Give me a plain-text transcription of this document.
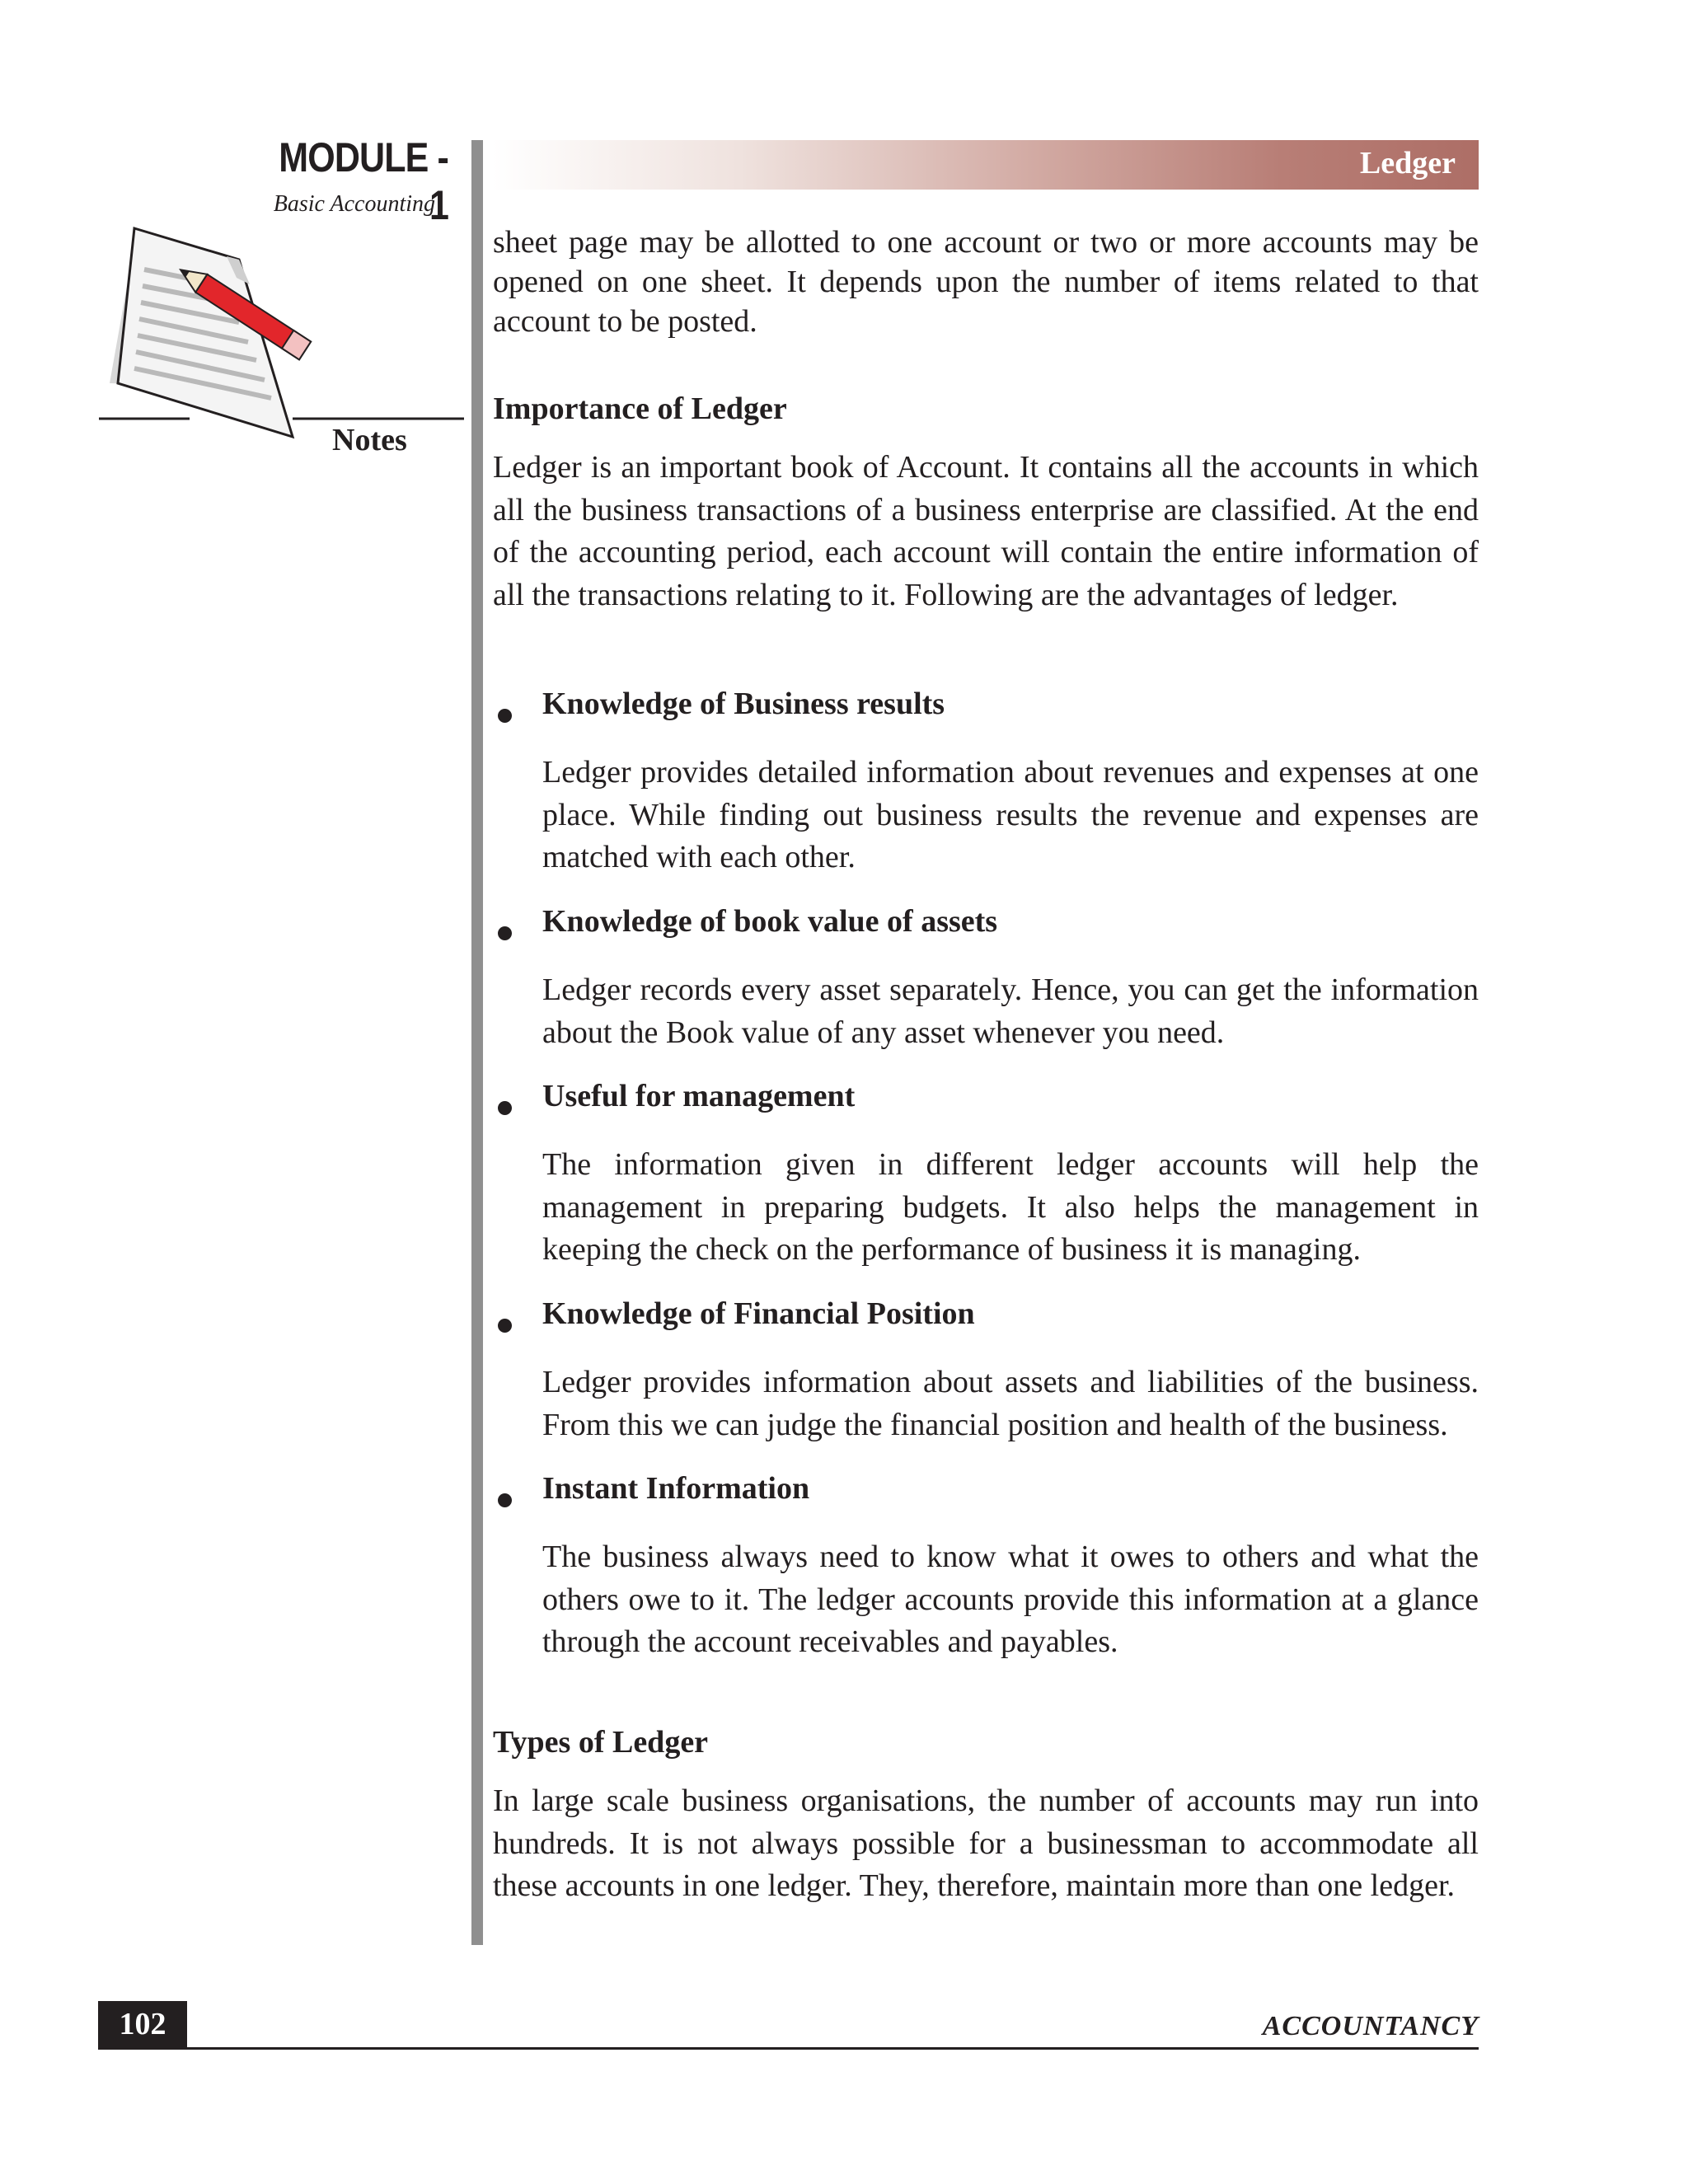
MODULE - 1
Basic Accounting
Notes
Ledger

sheet page may be allotted to one account or two or more accounts may be opened on one sheet. It depends upon the number of items related to that account to be posted.

Importance of Ledger

Ledger is an important book of Account. It contains all the accounts in which all the business transactions of a business enterprise are classified. At the end of the accounting period, each account will contain the entire information of all the transactions relating to it. Following are the advantages of ledger.

Knowledge of Business results

Ledger provides detailed information about revenues and expenses at one place. While finding out business results the revenue and expenses are matched with each other.

Knowledge of book value of assets

Ledger records every asset separately. Hence, you can get the information about the Book value of any asset whenever you need.

Useful for management

The information given in different ledger accounts will help the management in preparing budgets. It also helps the management in keeping the check on the performance of business it is managing.

Knowledge of Financial Position

Ledger provides information about assets and liabilities of the business. From this we can judge the financial position and health of the business.

Instant Information

The business always need to know what it owes to others and what the others owe to it. The ledger accounts provide this information at a glance through the account receivables and payables.

Types of Ledger

In large scale business organisations, the number of accounts may run into hundreds. It is not always possible for a businessman to accommodate all these accounts in one ledger. They, therefore, maintain more than one ledger.

102	ACCOUNTANCY
